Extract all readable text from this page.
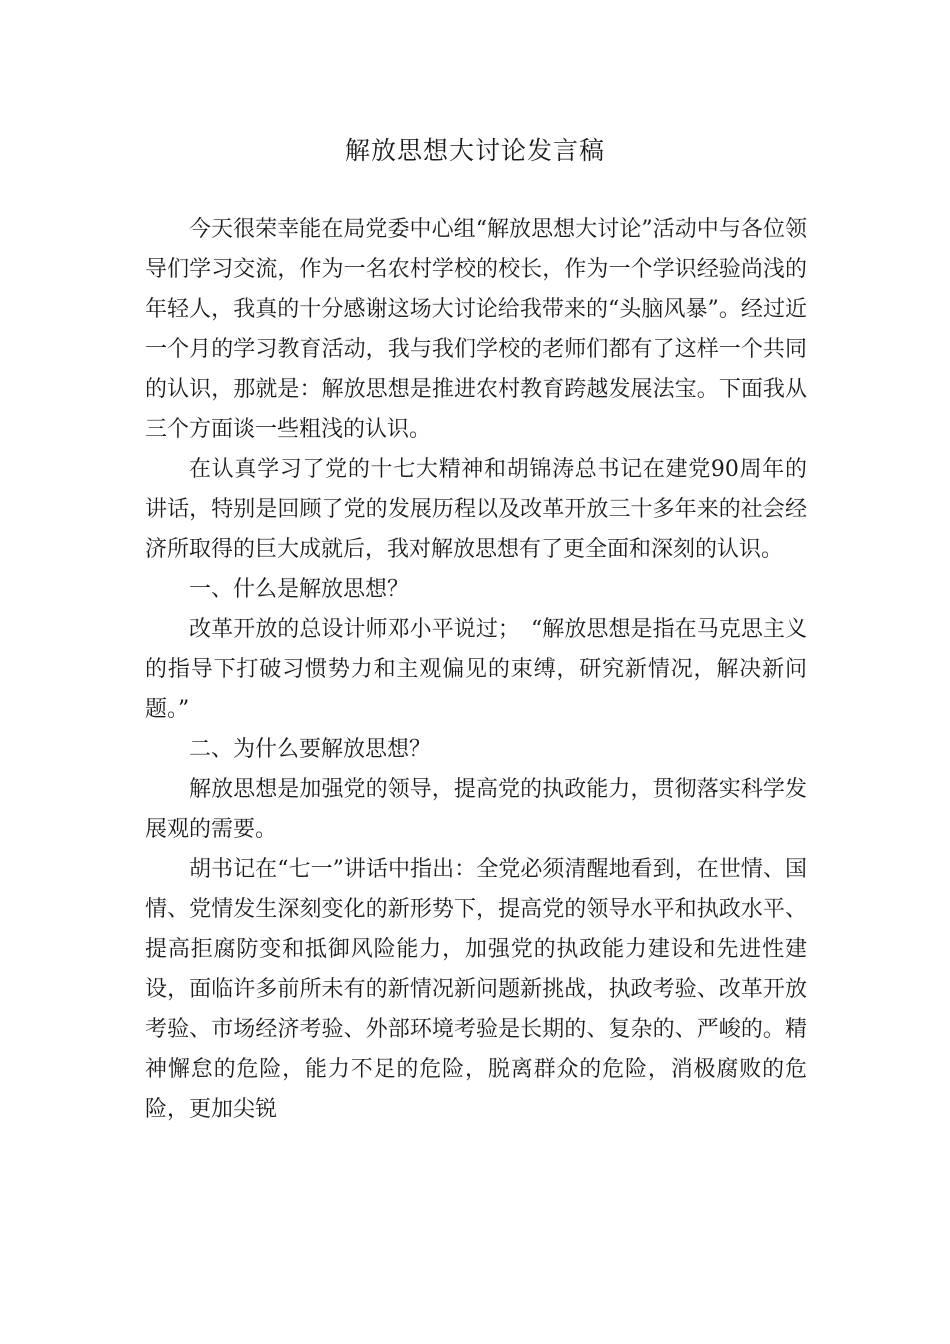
解放思想大讨论发言稿

今天很荣幸能在局党委中心组“解放思想大讨论”活动中与各位领导们学习交流，作为一名农村学校的校长，作为一个学识经验尚浅的年轻人，我真的十分感谢这场大讨论给我带来的“头脑风暴”。经过近一个月的学习教育活动，我与我们学校的老师们都有了这样一个共同的认识，那就是：解放思想是推进农村教育跨越发展法宝。下面我从三个方面谈一些粗浅的认识。

在认真学习了党的十七大精神和胡锦涛总书记在建党90周年的讲话，特别是回顾了党的发展历程以及改革开放三十多年来的社会经济所取得的巨大成就后，我对解放思想有了更全面和深刻的认识。

一、什么是解放思想？

改革开放的总设计师邓小平说过；　“解放思想是指在马克思主义的指导下打破习惯势力和主观偏见的束缚，研究新情况，解决新问题。”

二、为什么要解放思想？

解放思想是加强党的领导，提高党的执政能力，贯彻落实科学发展观的需要。

胡书记在“七一”讲话中指出：全党必须清醒地看到，在世情、国情、党情发生深刻变化的新形势下，提高党的领导水平和执政水平、提高拒腐防变和抵御风险能力，加强党的执政能力建设和先进性建设，面临许多前所未有的新情况新问题新挑战，执政考验、改革开放考验、市场经济考验、外部环境考验是长期的、复杂的、严峻的。精神懈怠的危险，能力不足的危险，脱离群众的危险，消极腐败的危险，更加尖锐
